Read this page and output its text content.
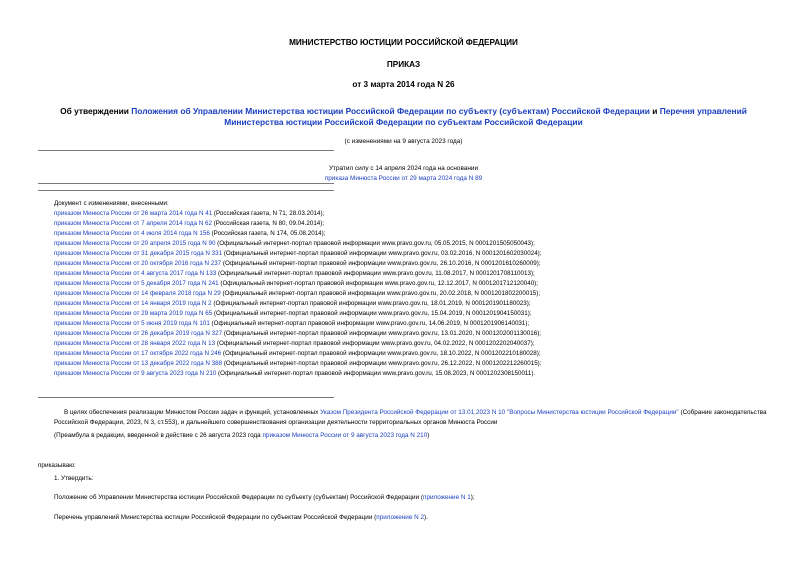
МИНИСТЕРСТВО ЮСТИЦИИ РОССИЙСКОЙ ФЕДЕРАЦИИ
ПРИКАЗ
от 3 марта 2014 года N 26
Об утверждении Положения об Управлении Министерства юстиции Российской Федерации по субъекту (субъектам) Российской Федерации и Перечня управлений Министерства юстиции Российской Федерации по субъектам Российской Федерации
(с изменениями на 9 августа 2023 года)
Утратил силу с 14 апреля 2024 года на основании
приказа Минюста России от 29 марта 2024 года N 89
Документ с изменениями, внесенными:
приказом Минюста России от 26 марта 2014 года N 41 (Российская газета, N 71, 28.03.2014);
приказом Минюста России от 7 апреля 2014 года N 62 (Российская газета, N 80, 09.04.2014);
приказом Минюста России от 4 июля 2014 года N 156 (Российская газета, N 174, 05.08.2014);
приказом Минюста России от 20 апреля 2015 года N 90 (Официальный интернет-портал правовой информации www.pravo.gov.ru, 05.05.2015, N 0001201505050043);
приказом Минюста России от 31 декабря 2015 года N 331 (Официальный интернет-портал правовой информации www.pravo.gov.ru, 03.02.2016, N 0001201602030024);
приказом Минюста России от 20 октября 2016 года N 237 (Официальный интернет-портал правовой информации www.pravo.gov.ru, 26.10.2016, N 0001201610260009);
приказом Минюста России от 4 августа 2017 года N 133 (Официальный интернет-портал правовой информации www.pravo.gov.ru, 11.08.2017, N 0001201708110013);
приказом Минюста России от 5 декабря 2017 года N 241 (Официальный интернет-портал правовой информации www.pravo.gov.ru, 12.12.2017, N 0001201712120040);
приказом Минюста России от 14 февраля 2018 года N 29 (Официальный интернет-портал правовой информации www.pravo.gov.ru, 20.02.2018, N 0001201802200015);
приказом Минюста России от 14 января 2019 года N 2 (Официальный интернет-портал правовой информации www.pravo.gov.ru, 18.01.2019, N 0001201901180023);
приказом Минюста России от 29 марта 2019 года N 65 (Официальный интернет-портал правовой информации www.pravo.gov.ru, 15.04.2019, N 0001201904150031);
приказом Минюста России от 5 июня 2019 года N 101 (Официальный интернет-портал правовой информации www.pravo.gov.ru, 14.06.2019, N 0001201906140031);
приказом Минюста России от 26 декабря 2019 года N 327 (Официальный интернет-портал правовой информации www.pravo.gov.ru, 13.01.2020, N 0001202001130016);
приказом Минюста России от 28 января 2022 года N 13 (Официальный интернет-портал правовой информации www.pravo.gov.ru, 04.02.2022, N 0001202202040037);
приказом Минюста России от 17 октября 2022 года N 246 (Официальный интернет-портал правовой информации www.pravo.gov.ru, 18.10.2022, N 0001202210180028);
приказом Минюста России от 13 декабря 2022 года N 388 (Официальный интернет-портал правовой информации www.pravo.gov.ru, 26.12.2022, N 0001202212260015);
приказом Минюста России от 9 августа 2023 года N 210 (Официальный интернет-портал правовой информации www.pravo.gov.ru, 15.08.2023, N 0001202308150011).
В целях обеспечения реализации Минюстом России задач и функций, установленных Указом Президента Российской Федерации от 13.01.2023 N 10 "Вопросы Министерства юстиции Российской Федерации" (Собрание законодательства Российской Федерации, 2023, N 3, ст.553), и дальнейшего совершенствования организации деятельности территориальных органов Минюста России
(Преамбула в редакции, введенной в действие с 26 августа 2023 года приказом Минюста России от 9 августа 2023 года N 210)
приказываю:
1. Утвердить:
Положение об Управлении Министерства юстиции Российской Федерации по субъекту (субъектам) Российской Федерации (приложение N 1);
Перечень управлений Министерства юстиции Российской Федерации по субъектам Российской Федерации (приложение N 2).
